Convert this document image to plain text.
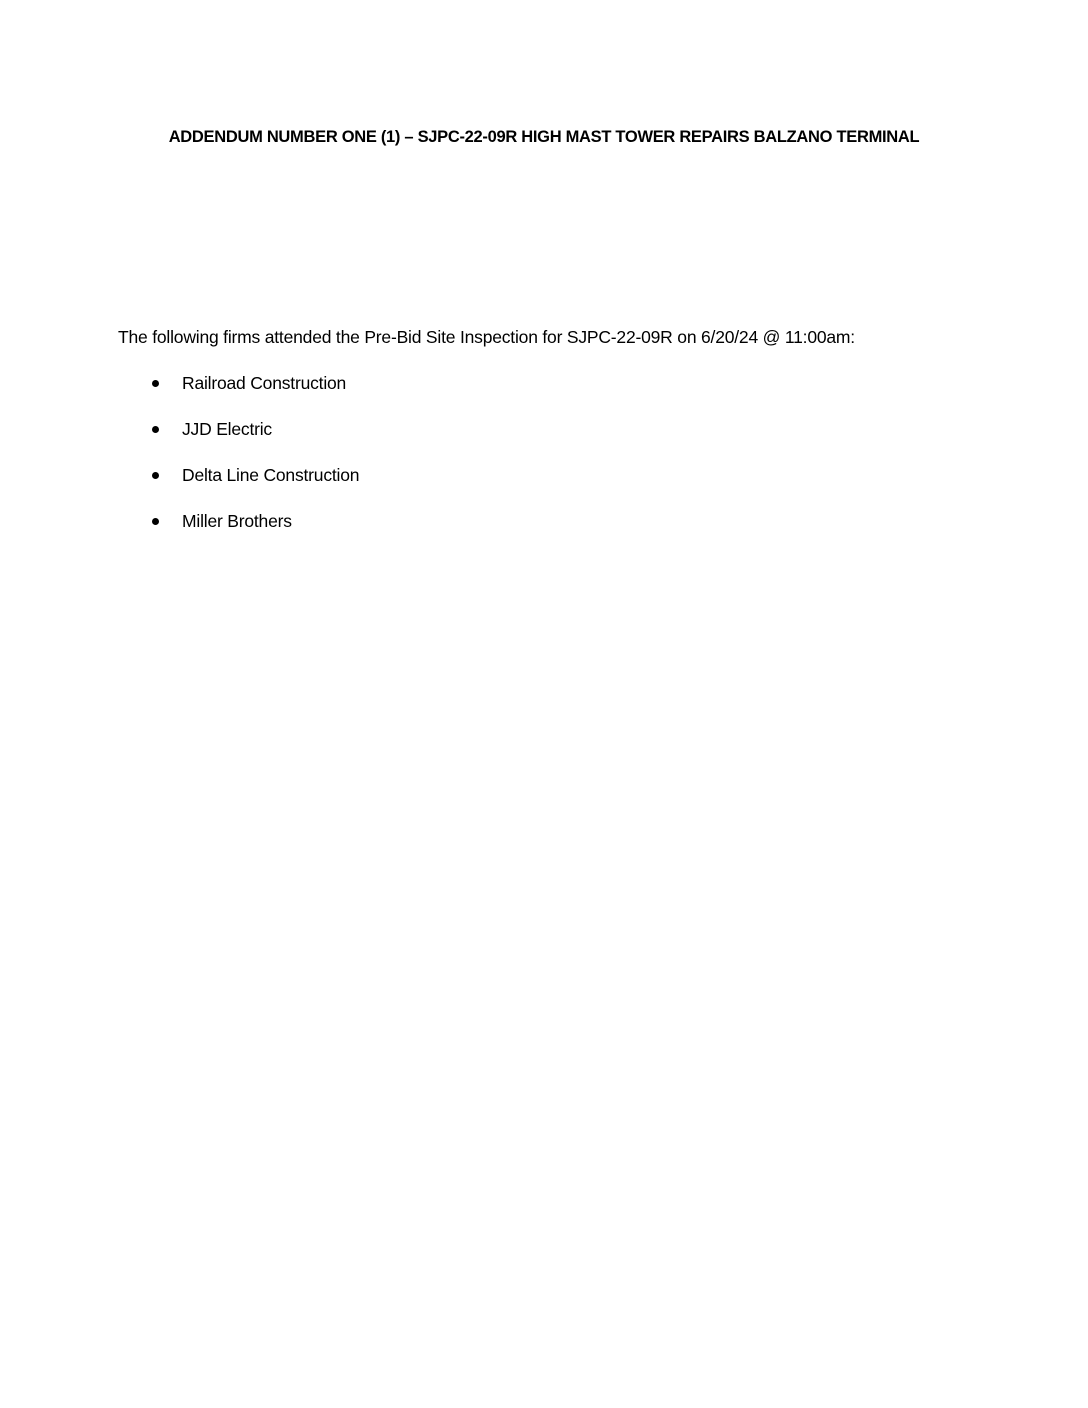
ADDENDUM NUMBER ONE (1) – SJPC-22-09R HIGH MAST TOWER REPAIRS BALZANO TERMINAL
The following firms attended the Pre-Bid Site Inspection for SJPC-22-09R on 6/20/24 @ 11:00am:
Railroad Construction
JJD Electric
Delta Line Construction
Miller Brothers
